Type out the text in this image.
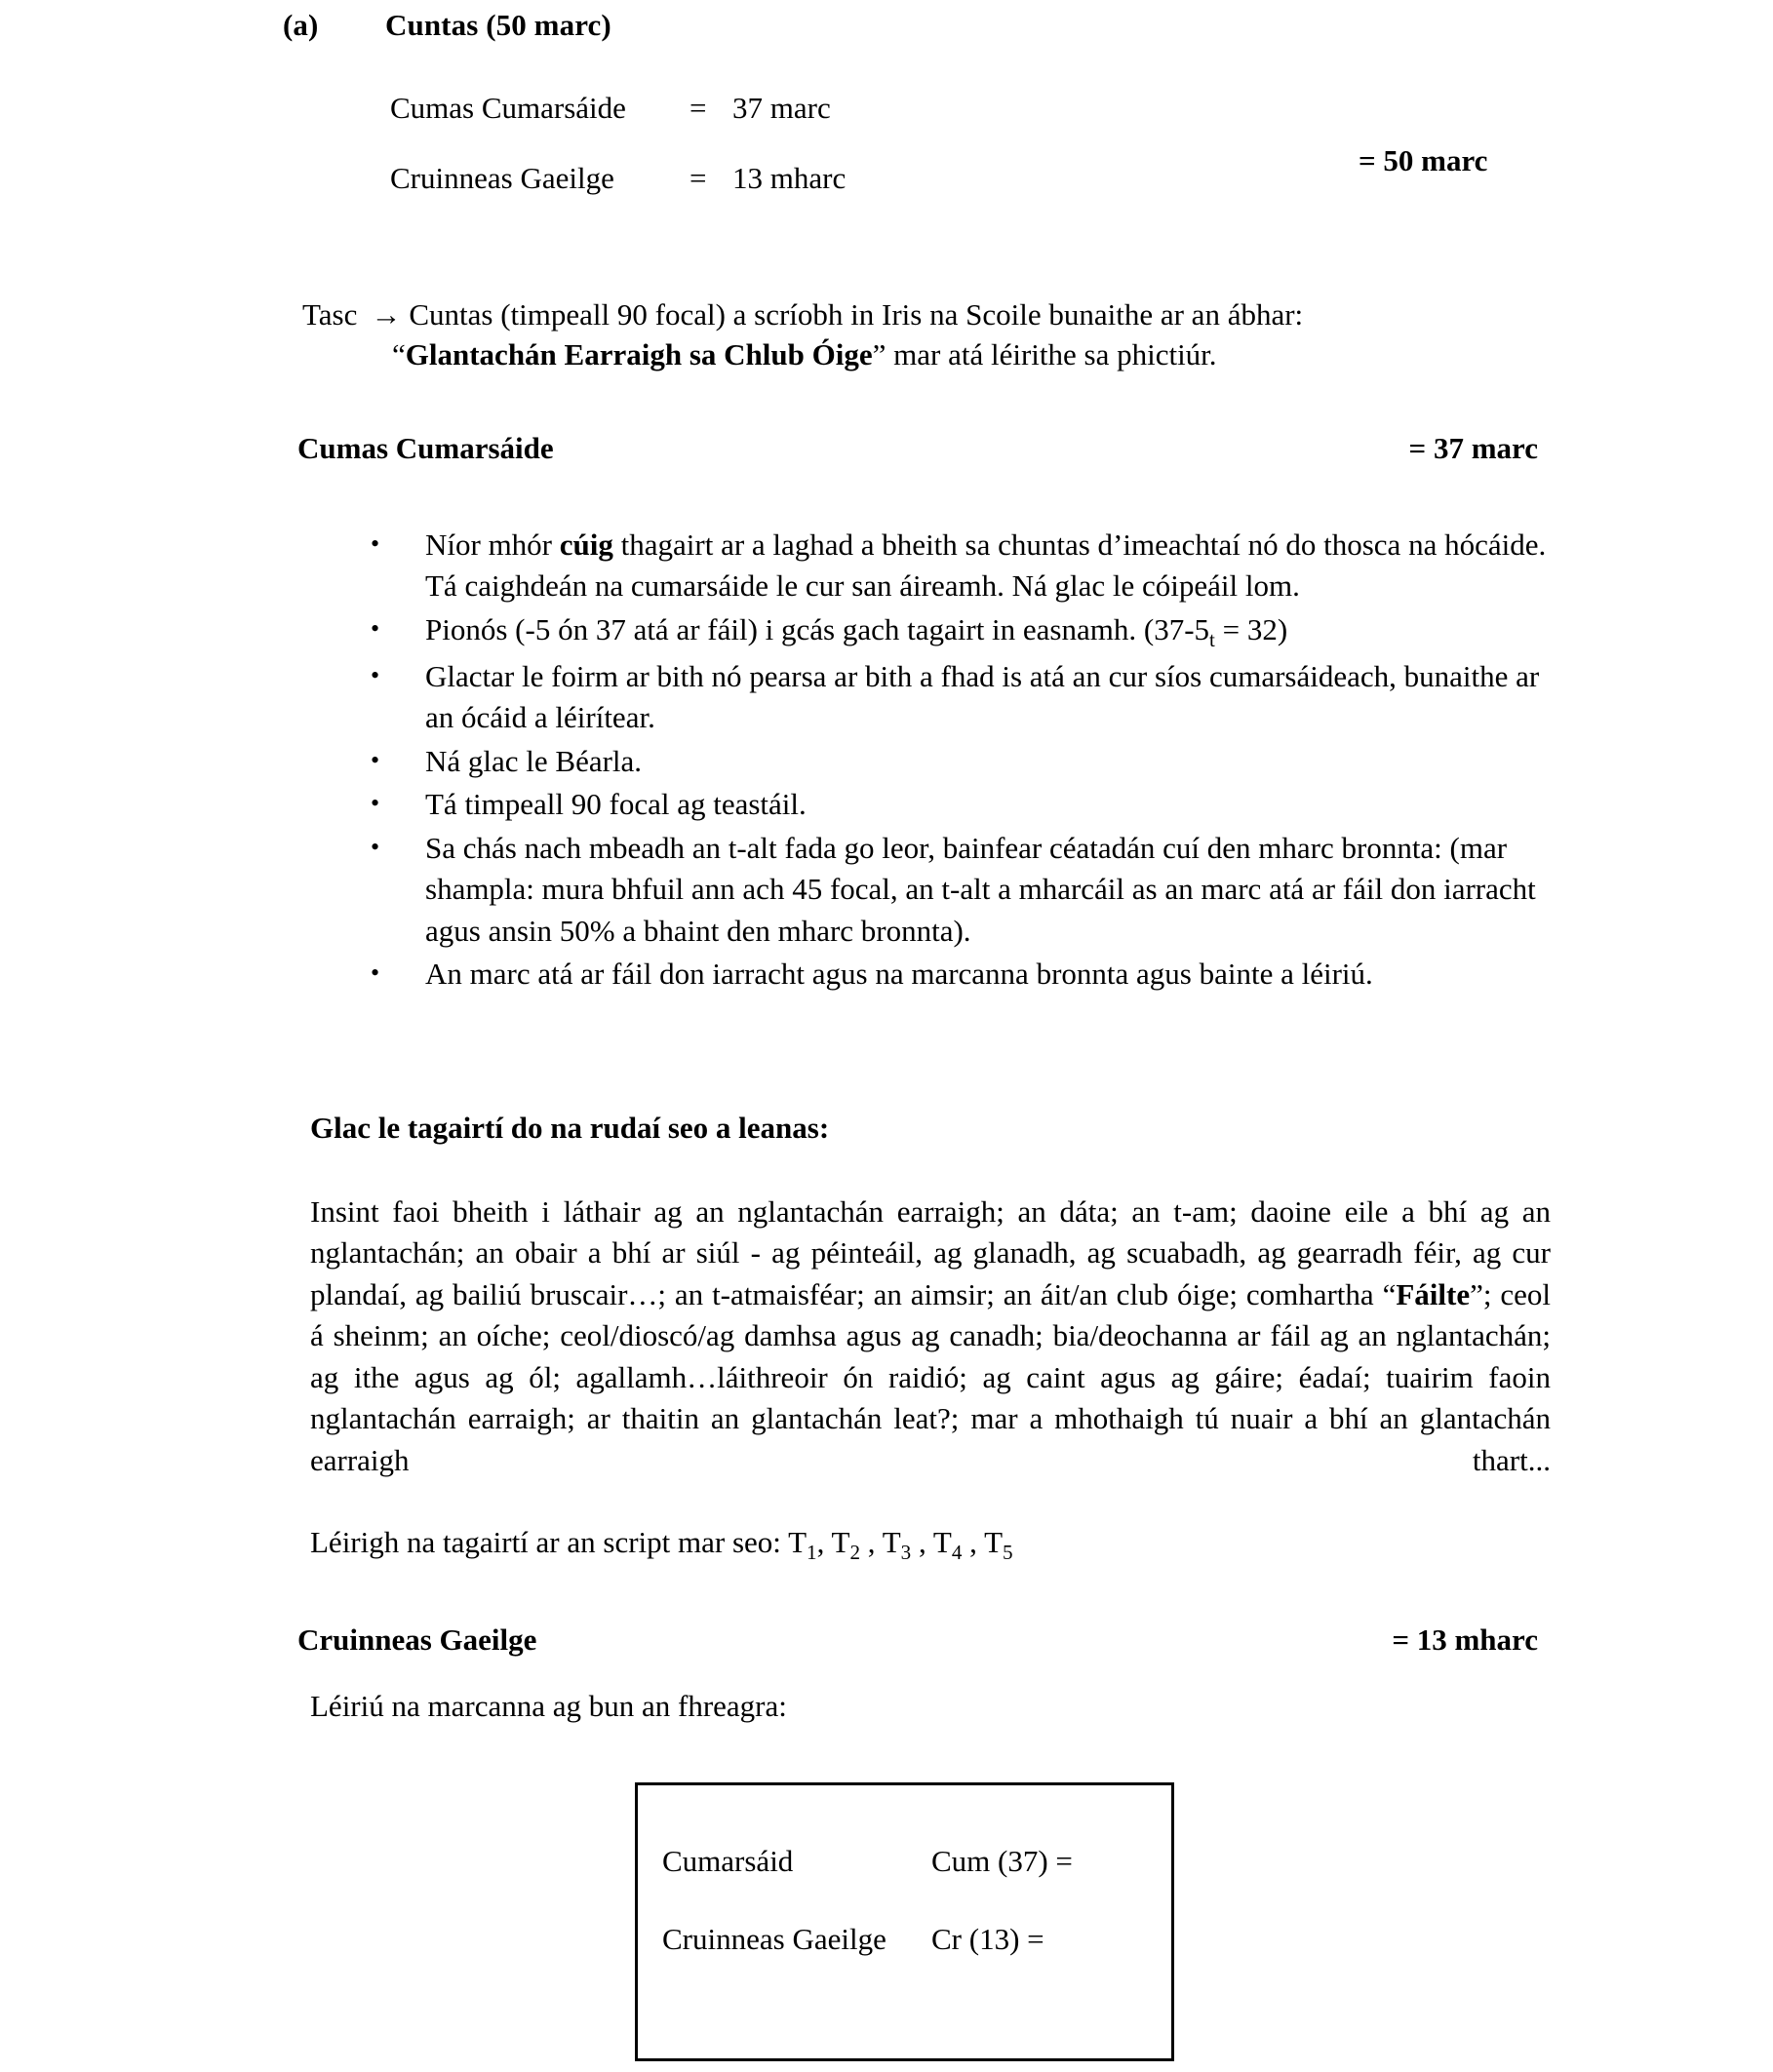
(a)	Cuntas (50 marc)
Cumas Cumarsáide	= 37 marc
Cruinneas Gaeilge	= 13 mharc
= 50 marc
Tasc → Cuntas (timpeall 90 focal) a scríobh in Iris na Scoile bunaithe ar an ábhar:
“Glantachán Earraigh sa Chlub Óige” mar atá léirithe sa phictiúr.
Cumas Cumarsáide	= 37 marc
• Níor mhór cúig thagairt ar a laghad a bheith sa chuntas d’imeachtaí nó do thosca na hócáide. Tá caighdeán na cumarsáide le cur san áireamh. Ná glac le cóipeáil lom.
• Pionós (-5 ón 37 atá ar fáil) i gcás gach tagairt in easnamh. $(37-5_t = 32)$
• Glactar le foirm ar bith nó pearsa ar bith a fhad is atá an cur síos cumarsáideach, bunaithe ar an ócáid a léirítear.
• Ná glac le Béarla.
• Tá timpeall 90 focal ag teastáil.
• Sa chás nach mbeadh an t-alt fada go leor, bainfear céatadán cuí den mharc bronnta: (mar shampla: mura bhfuil ann ach 45 focal, an t-alt a mharcáil as an marc atá ar fáil don iarracht agus ansin 50% a bhaint den mharc bronnta).
• An marc atá ar fáil don iarracht agus na marcanna bronnta agus bainte a léiriú.
Glac le tagairtí do na rudaí seo a leanas:
Insint faoi bheith i láthair ag an nglantachán earraigh; an dáta; an t-am; daoine eile a bhí ag an nglantachán; an obair a bhí ar siúl - ag péinteáil, ag glanadh, ag scuabadh, ag gearradh féir, ag cur plandaí, ag bailiú bruscair…; an t-atmaisféar; an aimsir; an áit/an club óige; comhartha “Fáilte”; ceol á sheinm; an oíche; ceol/dioscó/ag damhsa agus ag canadh; bia/deochanna ar fáil ag an nglantachán; ag ithe agus ag ól; agallamh…láithreoir ón raidió; ag caint agus ag gáire; éadaí; tuairim faoin nglantachán earraigh; ar thaitin an glantachán leat?; mar a mhothaigh tú nuair a bhí an glantachán earraigh thart...
Léirigh na tagairtí ar an script mar seo: $T_1$, $T_2$ , $T_3$ , $T_4$ , $T_5$
Cruinneas Gaeilge	= 13 mharc
Léiriú na marcanna ag bun an fhreagra:
Cumarsáid	Cum (37) =
Cruinneas Gaeilge	Cr (13) =
